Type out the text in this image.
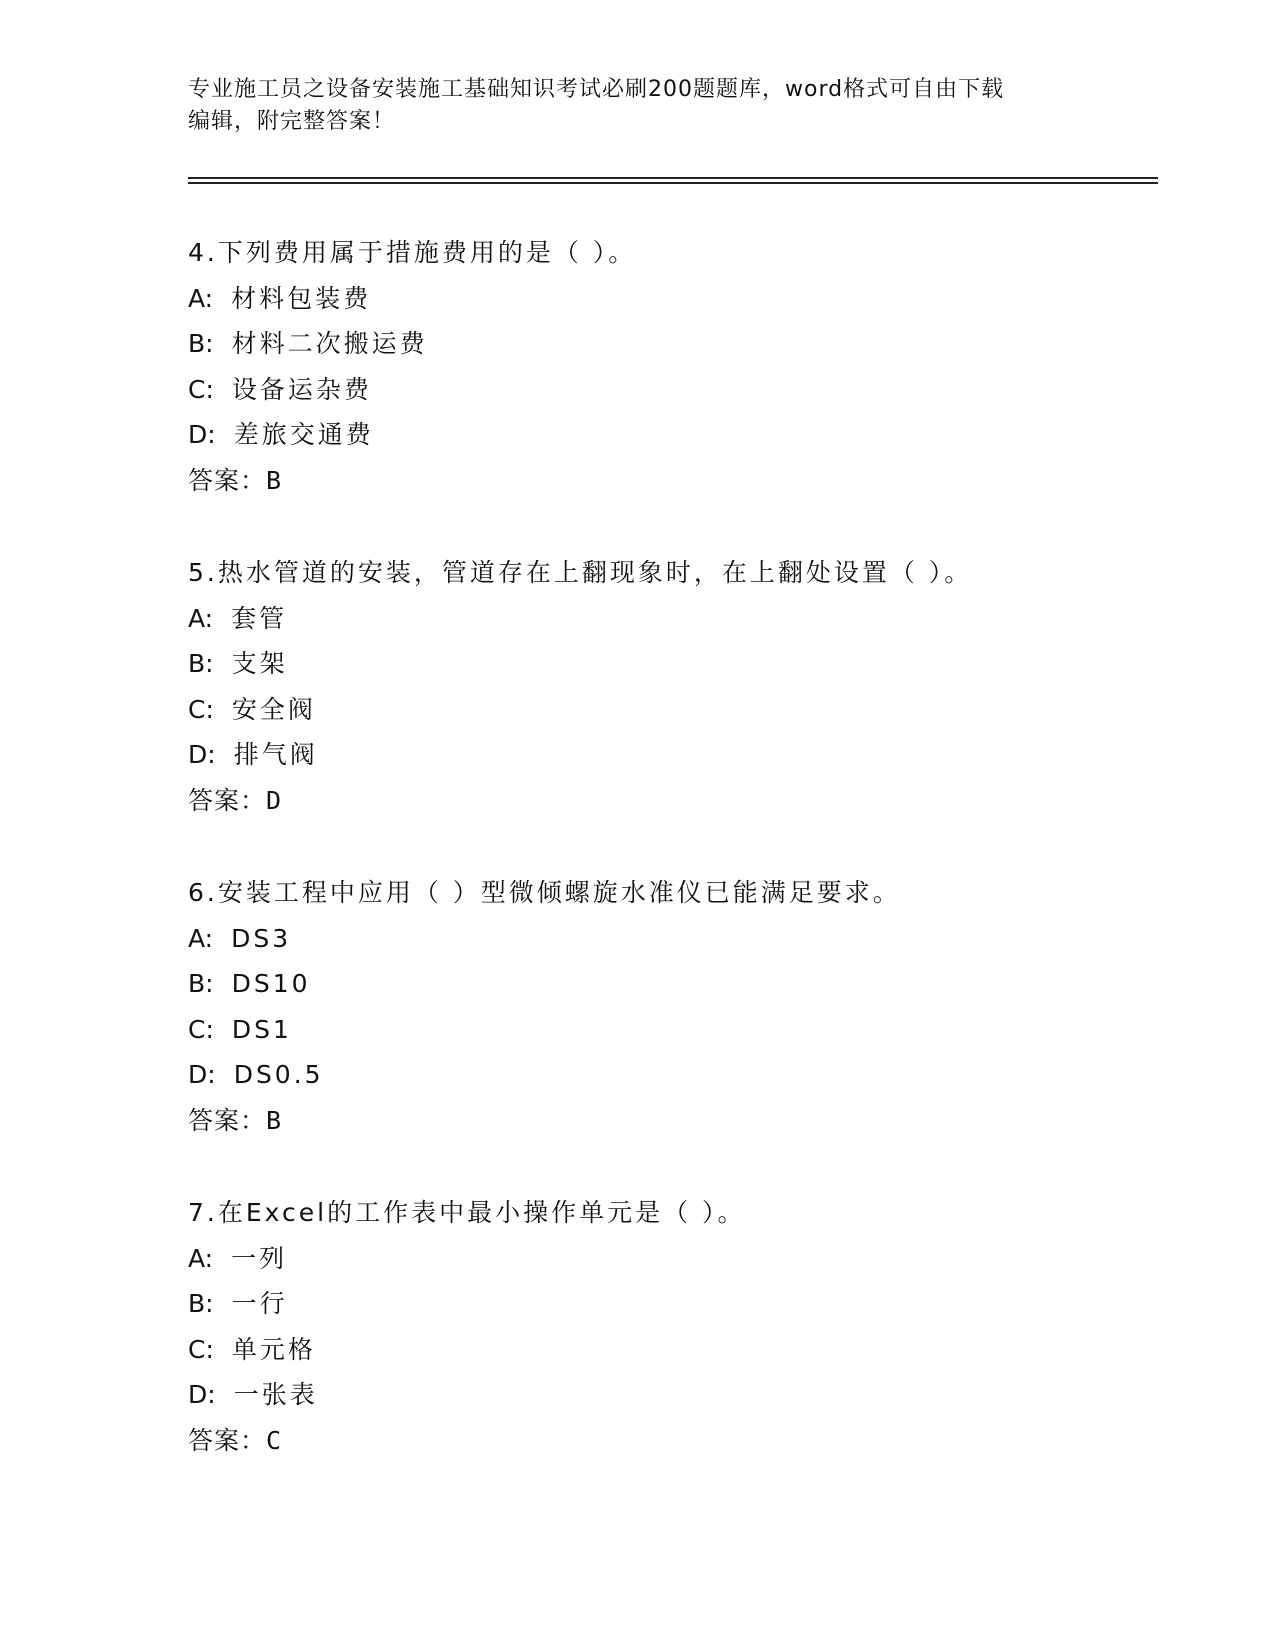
专业施工员之设备安装施工基础知识考试必刷200题题库，word格式可自由下载
编辑，附完整答案！

4.下列费用属于措施费用的是（ ）。

A: 材料包装费

B: 材料二次搬运费

C: 设备运杂费

D: 差旅交通费

答案：B

5.热水管道的安装，管道存在上翻现象时，在上翻处设置（ ）。

A: 套管

B: 支架

C: 安全阀

D: 排气阀

答案：D

6.安装工程中应用（ ）型微倾螺旋水准仪已能满足要求。

A: DS3

B: DS10

C: DS1

D: DS0.5

答案：B

7.在Excel的工作表中最小操作单元是（ ）。

A: 一列

B: 一行

C: 单元格

D: 一张表

答案：C
